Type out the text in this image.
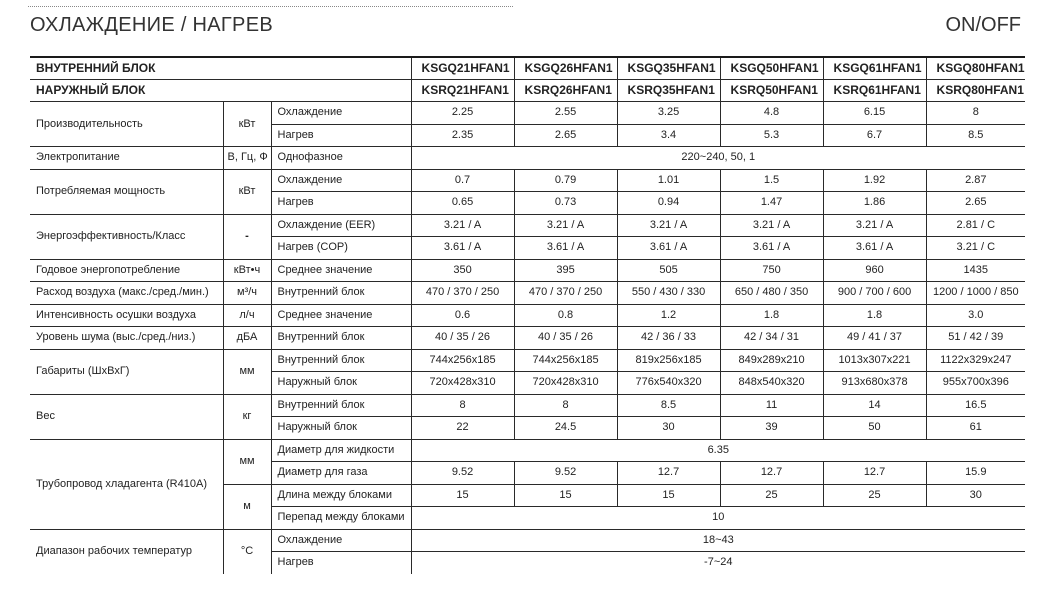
ОХЛАЖДЕНИЕ / НАГРЕВ	ON/OFF
ВНУТРЕННИЙ БЛОК			KSGQ21HFAN1	KSGQ26HFAN1	KSGQ35HFAN1	KSGQ50HFAN1	KSGQ61HFAN1	KSGQ80HFAN1
НАРУЖНЫЙ БЛОК			KSRQ21HFAN1	KSRQ26HFAN1	KSRQ35HFAN1	KSRQ50HFAN1	KSRQ61HFAN1	KSRQ80HFAN1
Производительность	кВт	Охлаждение	2.25	2.55	3.25	4.8	6.15	8
		Нагрев	2.35	2.65	3.4	5.3	6.7	8.5
Электропитание	В, Гц, Ф	Однофазное	220~240, 50, 1					
Потребляемая мощность	кВт	Охлаждение	0.7	0.79	1.01	1.5	1.92	2.87
		Нагрев	0.65	0.73	0.94	1.47	1.86	2.65
Энергоэффективность/Класс	-	Охлаждение (EER)	3.21 / A	3.21 / A	3.21 / A	3.21 / A	3.21 / A	2.81 / C
		Нагрев (COP)	3.61 / A	3.61 / A	3.61 / A	3.61 / A	3.61 / A	3.21 / C
Годовое энергопотребление	кВт•ч	Среднее значение	350	395	505	750	960	1435
Расход воздуха (макс./сред./мин.)	м³/ч	Внутренний блок	470 / 370 / 250	470 / 370 / 250	550 / 430 / 330	650 / 480 / 350	900 / 700 / 600	1200 / 1000 / 850
Интенсивность осушки воздуха	л/ч	Среднее значение	0.6	0.8	1.2	1.8	1.8	3.0
Уровень шума (выс./сред./низ.)	дБА	Внутренний блок	40 / 35 / 26	40 / 35 / 26	42 / 36 / 33	42 / 34 / 31	49 / 41 / 37	51 / 42 / 39
Габариты (ШхВхГ)	мм	Внутренний блок	744x256x185	744x256x185	819x256x185	849x289x210	1013x307x221	1122x329x247
		Наружный блок	720x428x310	720x428x310	776x540x320	848x540x320	913x680x378	955x700x396
Вес	кг	Внутренний блок	8	8	8.5	11	14	16.5
		Наружный блок	22	24.5	30	39	50	61
Трубопровод хладагента (R410A)	мм	Диаметр для жидкости	6.35					
		Диаметр для газа	9.52	9.52	12.7	12.7	12.7	15.9
	м	Длина между блоками	15	15	15	25	25	30
		Перепад между блоками	10					
Диапазон рабочих температур	°C	Охлаждение	18~43					
		Нагрев	-7~24					
